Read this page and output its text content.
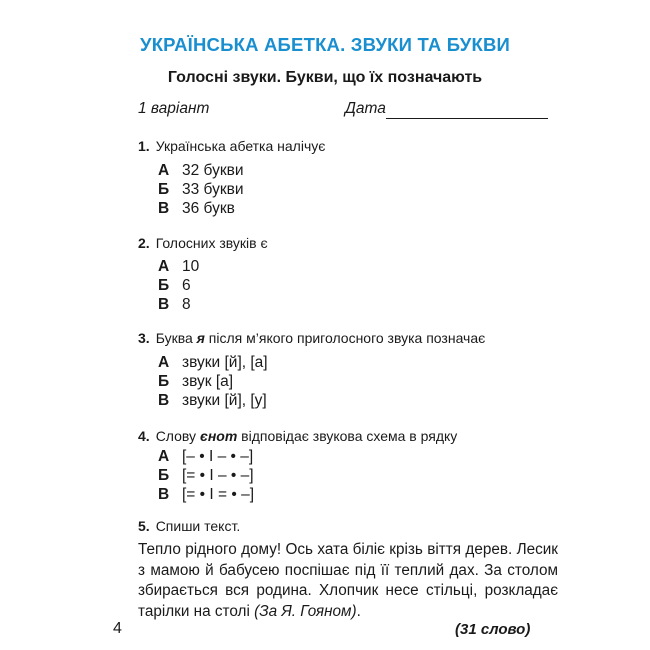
УКРАЇНСЬКА АБЕТКА. ЗВУКИ ТА БУКВИ
Голосні звуки. Букви, що їх позначають
1 варіант	Дата
1. Українська абетка налічує
А 32 букви
Б 33 букви
В 36 букв
2. Голосних звуків є
А 10
Б 6
В 8
3. Буква я після м’якого приголосного звука позначає
А звуки [й], [а]
Б звук [а]
В звуки [й], [у]
4. Слову єнот відповідає звукова схема в рядку
А [– • І – • –]
Б [= • І – • –]
В [= • І = • –]
5. Спиши текст.
Тепло рідного дому! Ось хата біліє крізь віття дерев. Лесик
з мамою й бабусею поспішає під її теплий дах. За столом
збирається вся родина. Хлопчик несе стільці, розкладає
тарілки на столі (За Я. Гояном).
4	(31 слово)
